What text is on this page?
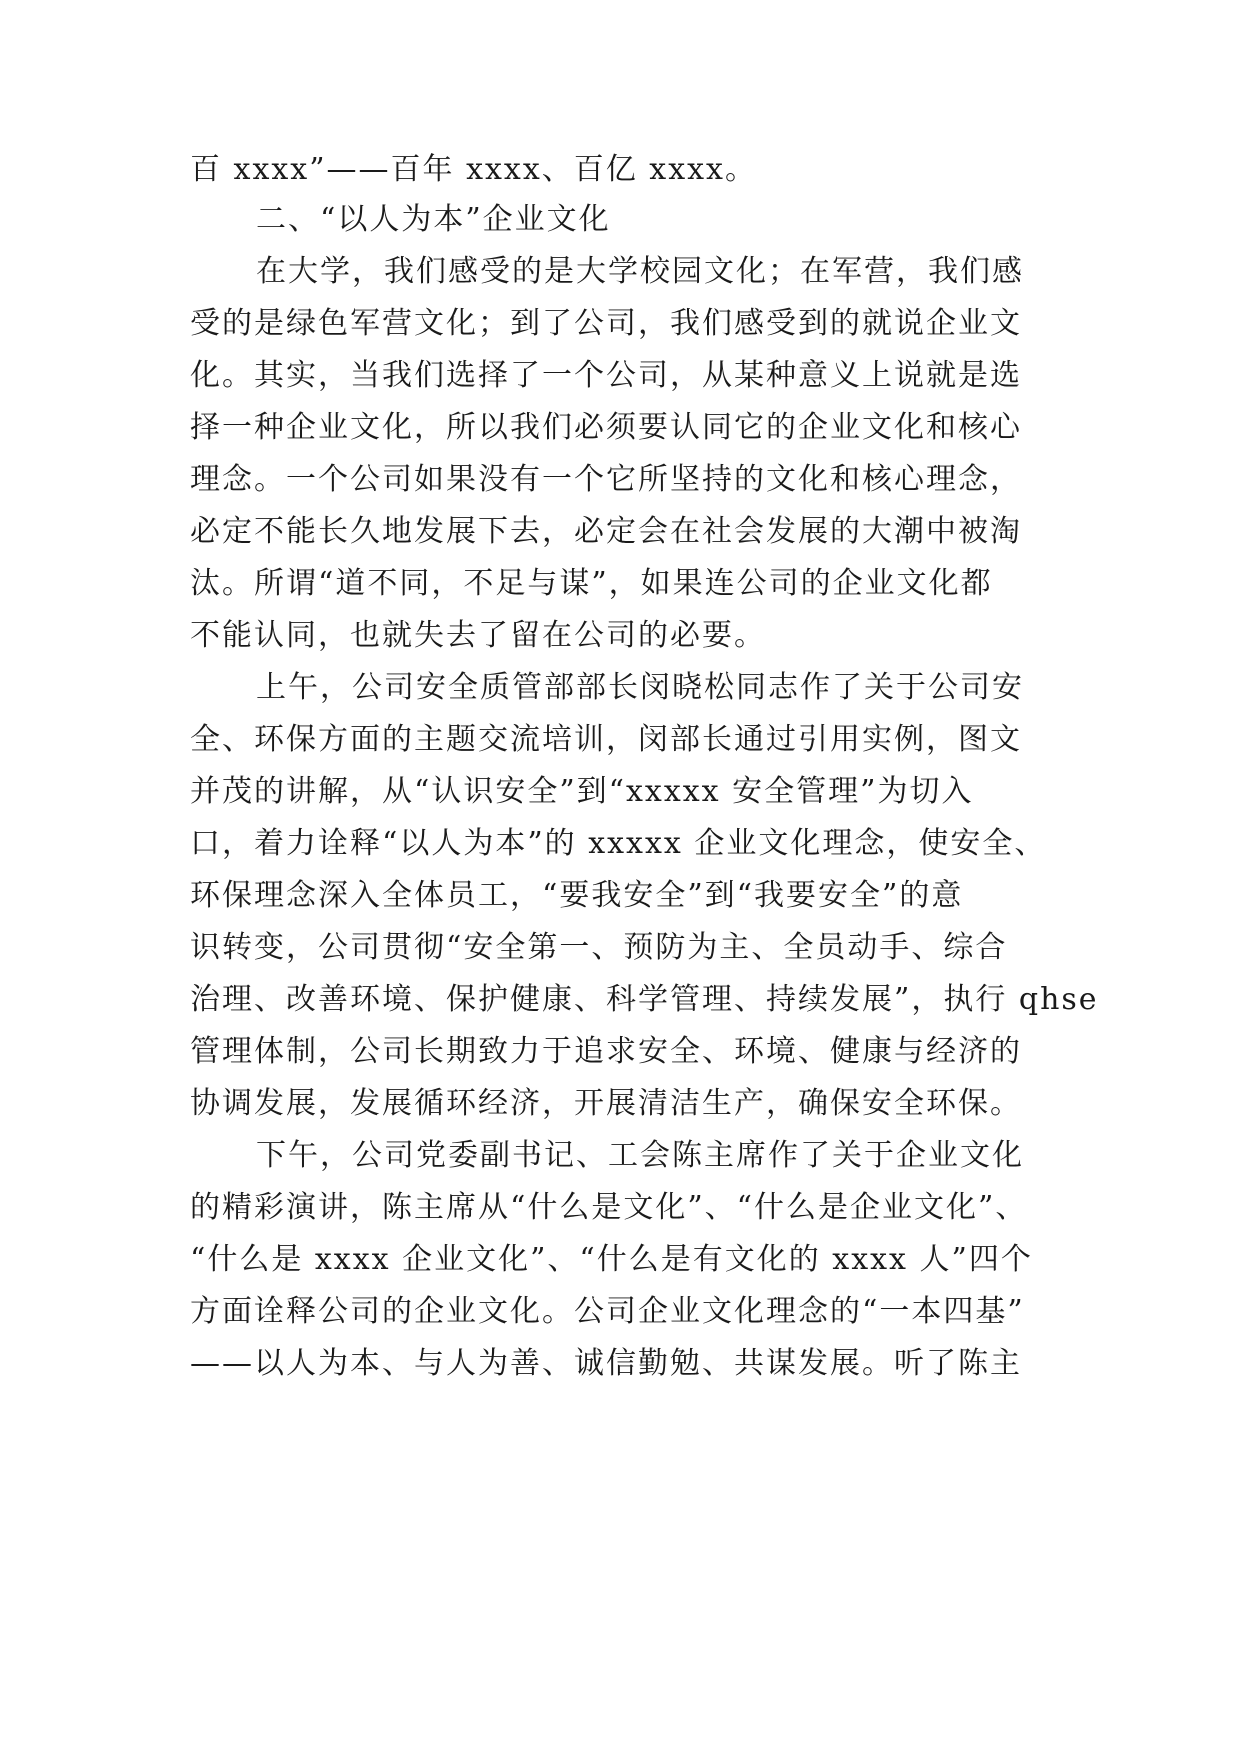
百 xxxx”——百年 xxxx、百亿 xxxx。
二、“以人为本”企业文化
在大学，我们感受的是大学校园文化；在军营，我们感
受的是绿色军营文化；到了公司，我们感受到的就说企业文
化。其实，当我们选择了一个公司，从某种意义上说就是选
择一种企业文化，所以我们必须要认同它的企业文化和核心
理念。一个公司如果没有一个它所坚持的文化和核心理念，
必定不能长久地发展下去，必定会在社会发展的大潮中被淘
汰。所谓“道不同，不足与谋”，如果连公司的企业文化都
不能认同，也就失去了留在公司的必要。
上午，公司安全质管部部长闵晓松同志作了关于公司安
全、环保方面的主题交流培训，闵部长通过引用实例，图文
并茂的讲解，从“认识安全”到“xxxxx 安全管理”为切入
口，着力诠释“以人为本”的 xxxxx 企业文化理念，使安全、
环保理念深入全体员工，“要我安全”到“我要安全”的意
识转变，公司贯彻“安全第一、预防为主、全员动手、综合
治理、改善环境、保护健康、科学管理、持续发展”，执行 qhse
管理体制，公司长期致力于追求安全、环境、健康与经济的
协调发展，发展循环经济，开展清洁生产，确保安全环保。
下午，公司党委副书记、工会陈主席作了关于企业文化
的精彩演讲，陈主席从“什么是文化”、“什么是企业文化”、
“什么是 xxxx 企业文化”、“什么是有文化的 xxxx 人”四个
方面诠释公司的企业文化。公司企业文化理念的“一本四基”
——以人为本、与人为善、诚信勤勉、共谋发展。听了陈主
